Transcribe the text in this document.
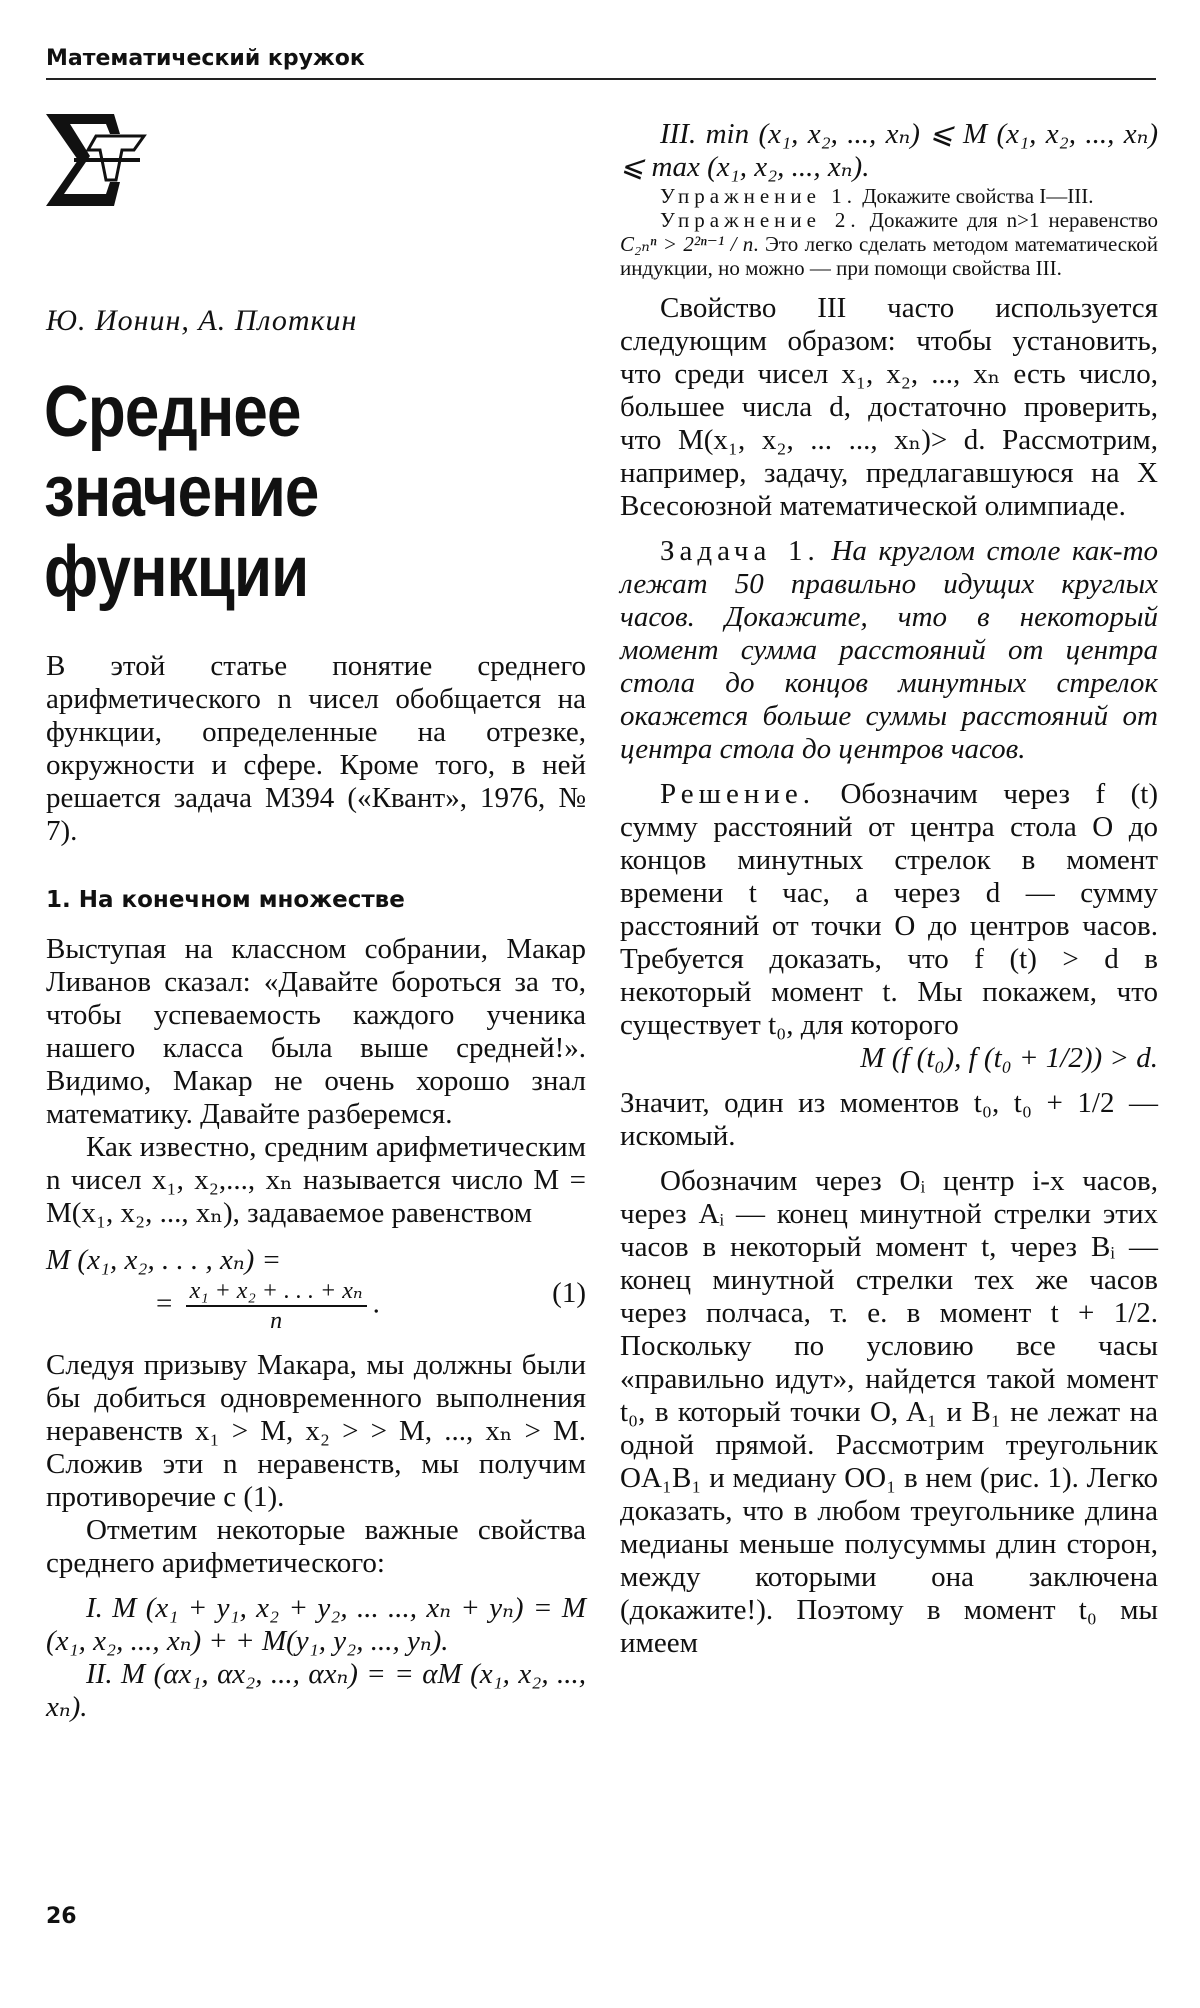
Математический кружок
Ю. Ионин, А. Плоткин
Среднее
значение
функции

В этой статье понятие среднего арифметического n чисел обобщается на функции, определенные на отрезке, окружности и сфере. Кроме того, в ней решается задача М394 («Квант», 1976, № 7).

1. На конечном множестве

Выступая на классном собрании, Макар Ливанов сказал: «Давайте бороться за то, чтобы успеваемость каждого ученика нашего класса была выше средней!». Видимо, Макар не очень хорошо знал математику. Давайте разберемся.

Как известно, средним арифметическим n чисел x₁, x₂,..., xₙ называется число M = M(x₁, x₂, ..., xₙ), задаваемое равенством

M (x₁, x₂, . . . , xₙ) =
= $\frac{\text{x₁ + x₂ + . . . + xₙ}}{n}$ .	(1)

Следуя призыву Макара, мы должны были бы добиться одновременного выполнения неравенств x₁ > M, x₂ > > M, ..., xₙ > M. Сложив эти n неравенств, мы получим противоречие с (1).

Отметим некоторые важные свойства среднего арифметического:

I. M (x₁ + y₁, x₂ + y₂, ... ..., xₙ + yₙ) = M (x₁, x₂, ..., xₙ) + + M(y₁, y₂, ..., yₙ).

II. M (αx₁, αx₂, ..., αxₙ) = = αM (x₁, x₂, ..., xₙ).

III. min (x₁, x₂, ..., xₙ) ⩽ M (x₁, x₂, ..., xₙ) ⩽ max (x₁, x₂, ..., xₙ).

Упражнение 1. Докажите свойства I—III.

Упражнение 2. Докажите для n>1 неравенство C₂ₙⁿ > 2²ⁿ⁻¹ / n. Это легко сделать методом математической индукции, но можно — при помощи свойства III.

Свойство III часто используется следующим образом: чтобы установить, что среди чисел x₁, x₂, ..., xₙ есть число, большее числа d, достаточно проверить, что M(x₁, x₂, ... ..., xₙ)> d. Рассмотрим, например, задачу, предлагавшуюся на X Всесоюзной математической олимпиаде.

Задача 1. На круглом столе как-то лежат 50 правильно идущих круглых часов. Докажите, что в некоторый момент сумма расстояний от центра стола до концов минутных стрелок окажется больше суммы расстояний от центра стола до центров часов.

Решение. Обозначим через f (t) сумму расстояний от центра стола O до концов минутных стрелок в момент времени t час, а через d — сумму расстояний от точки O до центров часов. Требуется доказать, что f (t) > d в некоторый момент t. Мы покажем, что существует t₀, для которого

M (f (t₀), f (t₀ + 1/2)) > d.

Значит, один из моментов t₀, t₀ + 1/2 — искомый.

Обозначим через Oᵢ центр i-х часов, через Aᵢ — конец минутной стрелки этих часов в некоторый момент t, через Bᵢ — конец минутной стрелки тех же часов через полчаса, т. е. в момент t + 1/2. Поскольку по условию все часы «правильно идут», найдется такой момент t₀, в который точки O, A₁ и B₁ не лежат на одной прямой. Рассмотрим треугольник OA₁B₁ и медиану OO₁ в нем (рис. 1). Легко доказать, что в любом треугольнике длина медианы меньше полусуммы длин сторон, между которыми она заключена (докажите!). Поэтому в момент t₀ мы имеем

26
